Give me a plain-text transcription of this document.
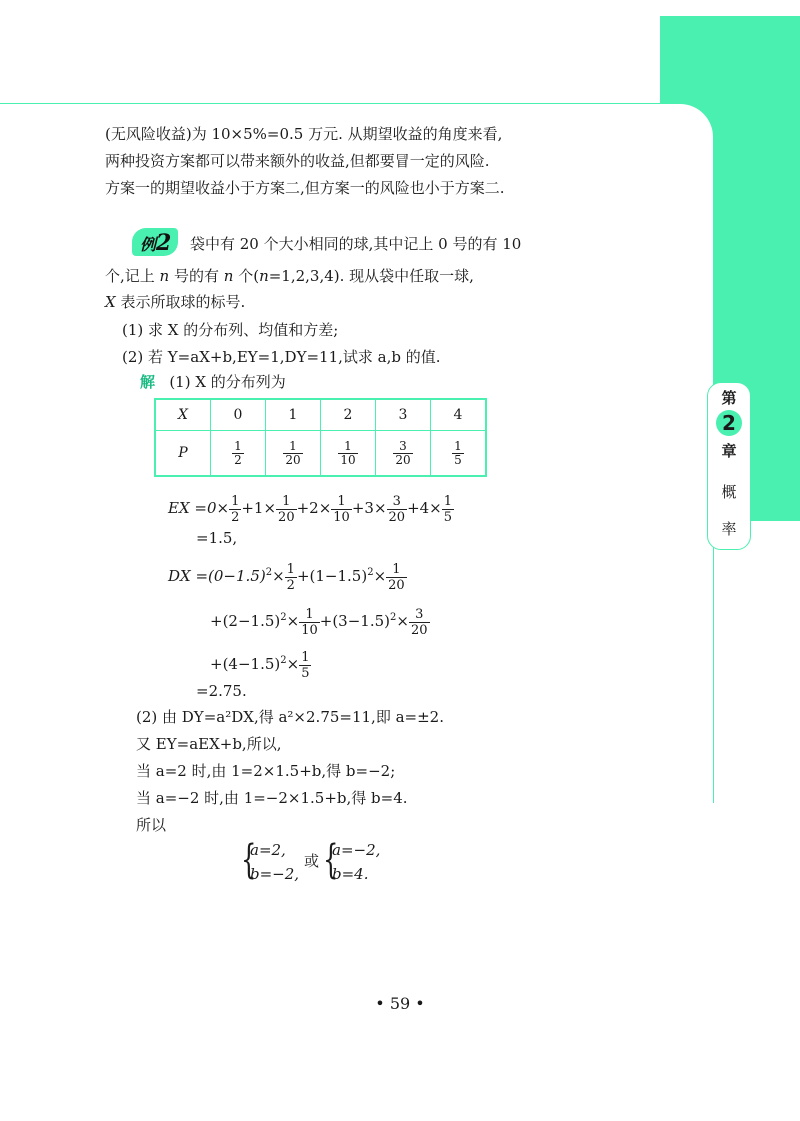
第
2
章
概
率
(无风险收益)为 10×5%=0.5 万元. 从期望收益的角度来看,
两种投资方案都可以带来额外的收益,但都要冒一定的风险.
方案一的期望收益小于方案二,但方案一的风险也小于方案二.
例2 袋中有 20 个大小相同的球,其中记上 0 号的有 10
个,记上 n 号的有 n 个(n=1,2,3,4). 现从袋中任取一球,
X 表示所取球的标号.
(1) 求 X 的分布列、均值和方差;
(2) 若 Y=aX+b,EY=1,DY=11,试求 a,b 的值.
解 (1) X 的分布列为
X	0	1	2	3	4
P	$\frac{1}{2}$	$\frac{1}{20}$	$\frac{1}{10}$	$\frac{3}{20}$	$\frac{1}{5}$
EX $=0\times \frac{1}{2} +1\times \frac{1}{20} +2\times \frac{1}{10} +3\times \frac{3}{20} +4\times \frac{1}{5}$
=1.5,
DX $=(0-1.5)^2\times \frac{1}{2} +(1-1.5)^2\times \frac{1}{20}$
$+(2-1.5)^2\times \frac{1}{10} +(3-1.5)^2\times \frac{3}{20}$
$+(4-1.5)^2\times \frac{1}{5}$
=2.75.
(2) 由 DY=a²DX,得 a²×2.75=11,即 a=±2.
又 EY=aEX+b,所以,
当 a=2 时,由 1=2×1.5+b,得 b=−2;
当 a=−2 时,由 1=−2×1.5+b,得 b=4.
所以
{
a=2,
b=−2,
或 {
a=−2,
b=4.
• 59 •
